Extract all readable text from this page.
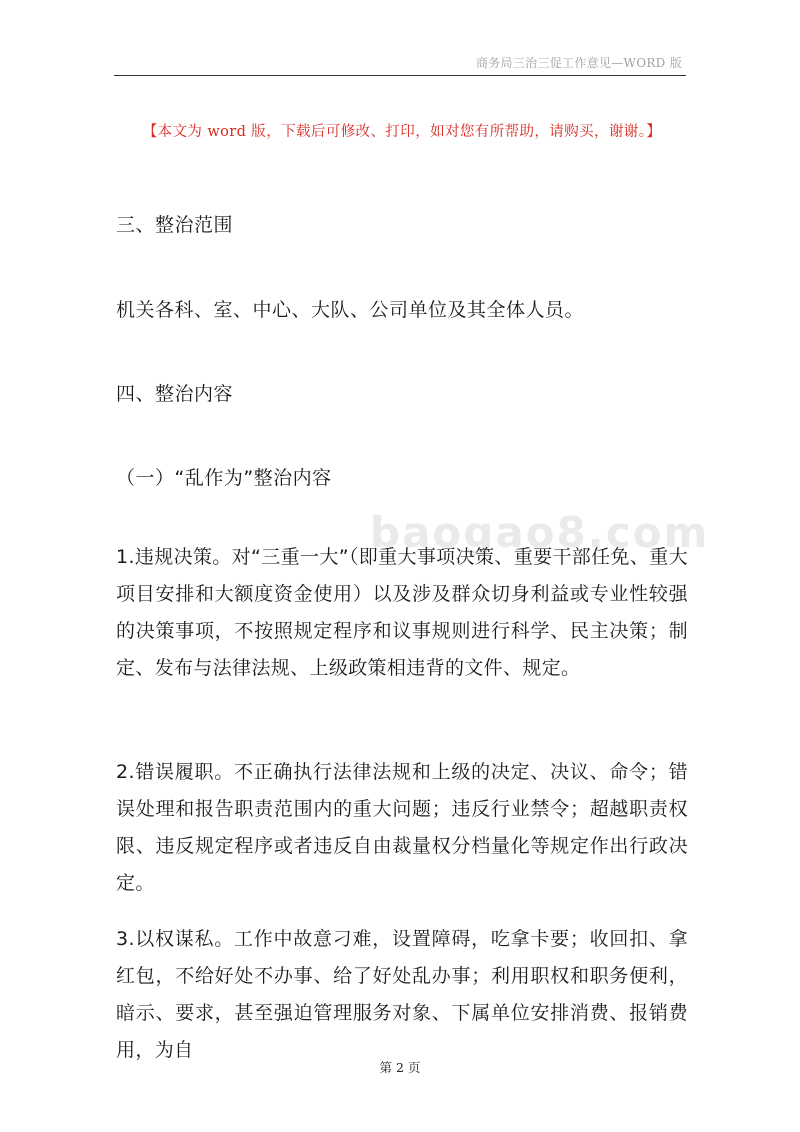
商务局三治三促工作意见—WORD 版
【本文为 word 版，下载后可修改、打印，如对您有所帮助，请购买，谢谢。】
baogao8.com
三、整治范围
机关各科、室、中心、大队、公司单位及其全体人员。
四、整治内容
（一）“乱作为”整治内容
1.违规决策。对“三重一大”（即重大事项决策、重要干部任免、重大项目安排和大额度资金使用）以及涉及群众切身利益或专业性较强的决策事项，不按照规定程序和议事规则进行科学、民主决策；制定、发布与法律法规、上级政策相违背的文件、规定。
2.错误履职。不正确执行法律法规和上级的决定、决议、命令；错误处理和报告职责范围内的重大问题；违反行业禁令；超越职责权限、违反规定程序或者违反自由裁量权分档量化等规定作出行政决定。
3.以权谋私。工作中故意刁难，设置障碍，吃拿卡要；收回扣、拿红包，不给好处不办事、给了好处乱办事；利用职权和职务便利，暗示、要求，甚至强迫管理服务对象、下属单位安排消费、报销费用，为自
第 2 页
